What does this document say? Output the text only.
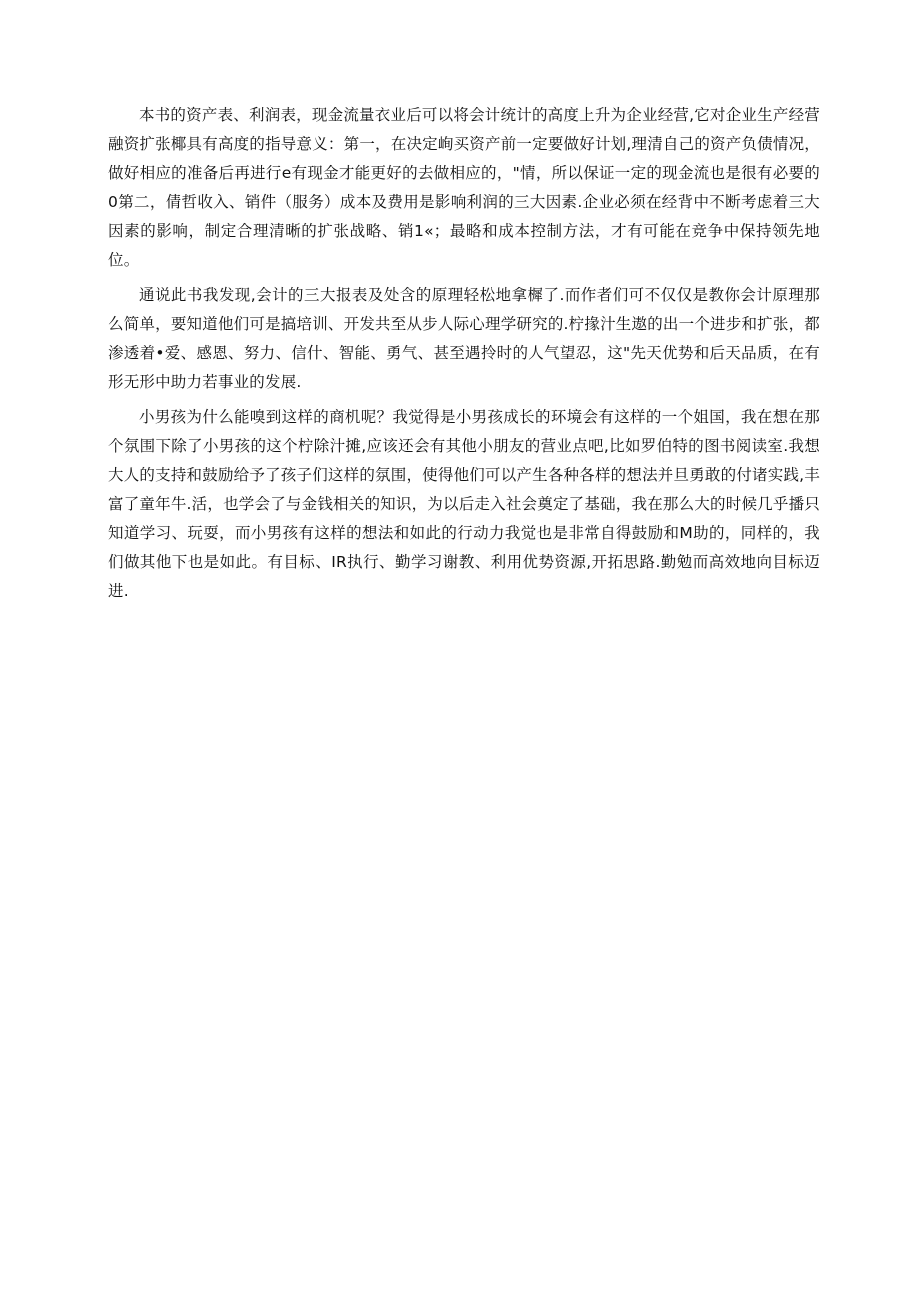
本书的资产表、利润表，现金流量衣业后可以将会计统计的高度上升为企业经营,它对企业生产经营融资扩张椰具有高度的指导意义：第一，在决定峋买资产前一定要做好计划,理清自己的资产负债情况，做好相应的准备后再进行e有现金才能更好的去做相应的，"情，所以保证一定的现金流也是很有必要的0第二，倩哲收入、销件（服务）成本及费用是影响利润的三大因素.企业必须在经背中不断考虑着三大因素的影响，制定合理清晰的扩张战略、销1«；最略和成本控制方法，才有可能在竞争中保持领先地位。

通说此书我发现,会计的三大报表及处含的原理轻松地拿樨了.而作者们可不仅仅是教你会计原理那么简单，要知道他们可是搞培训、开发共至从步人际心理学研究的.柠掾汁生遨的出一个进步和扩张，都渗透着•爱、感恩、努力、信什、智能、勇气、甚至遇拎时的人气望忍，这"先天优势和后天品质，在有形无形中助力若事业的发展.

小男孩为什么能嗅到这样的商机呢？我觉得是小男孩成长的环境会有这样的一个姐国，我在想在那个氛围下除了小男孩的这个柠除汁摊,应该还会有其他小朋友的营业点吧,比如罗伯特的图书阅读室.我想大人的支持和鼓励给予了孩子们这样的氛围，使得他们可以产生各种各样的想法并旦勇敢的付诸实践,丰富了童年牛.活，也学会了与金钱相关的知识，为以后走入社会奠定了基础，我在那么大的时候几乎播只知道学习、玩耍，而小男孩有这样的想法和如此的行动力我觉也是非常自得鼓励和M助的，同样的，我们做其他下也是如此。有目标、IR执行、勤学习谢教、利用优势资源,开拓思路.勤勉而高效地向目标迈进.
